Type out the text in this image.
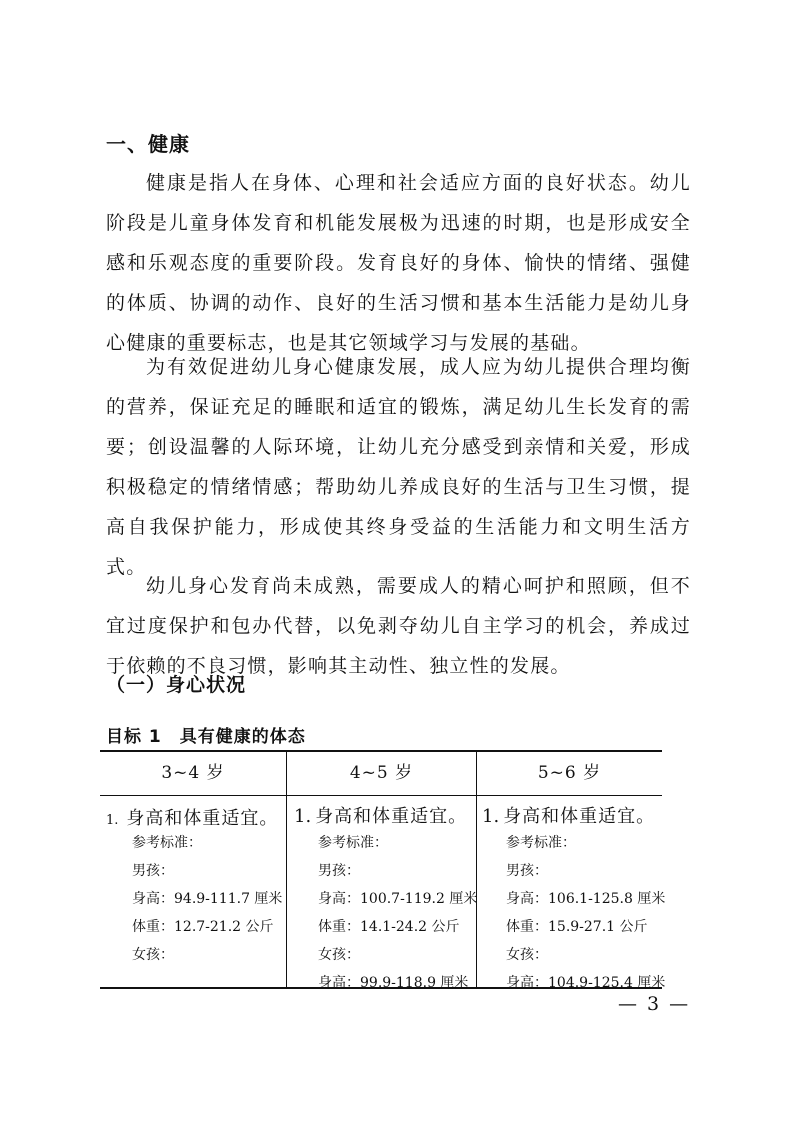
一、健康

健康是指人在身体、心理和社会适应方面的良好状态。幼儿阶段是儿童身体发育和机能发展极为迅速的时期，也是形成安全感和乐观态度的重要阶段。发育良好的身体、愉快的情绪、强健的体质、协调的动作、良好的生活习惯和基本生活能力是幼儿身心健康的重要标志，也是其它领域学习与发展的基础。

为有效促进幼儿身心健康发展，成人应为幼儿提供合理均衡的营养，保证充足的睡眠和适宜的锻炼，满足幼儿生长发育的需要；创设温馨的人际环境，让幼儿充分感受到亲情和关爱，形成积极稳定的情绪情感；帮助幼儿养成良好的生活与卫生习惯，提高自我保护能力，形成使其终身受益的生活能力和文明生活方式。

幼儿身心发育尚未成熟，需要成人的精心呵护和照顾，但不宜过度保护和包办代替，以免剥夺幼儿自主学习的机会，养成过于依赖的不良习惯，影响其主动性、独立性的发展。

（一）身心状况
目标 1　具有健康的体态
3~4 岁	4~5 岁	5~6 岁
1. 身高和体重适宜。
参考标准：
男孩：
身高：94.9-111.7 厘米
体重：12.7-21.2 公斤
女孩：
1. 身高和体重适宜。
参考标准：
男孩：
身高：100.7-119.2 厘米
体重：14.1-24.2 公斤
女孩：
身高：99.9-118.9 厘米
1. 身高和体重适宜。
参考标准：
男孩：
身高：106.1-125.8 厘米
体重：15.9-27.1 公斤
女孩：
身高：104.9-125.4 厘米
— 3 —
